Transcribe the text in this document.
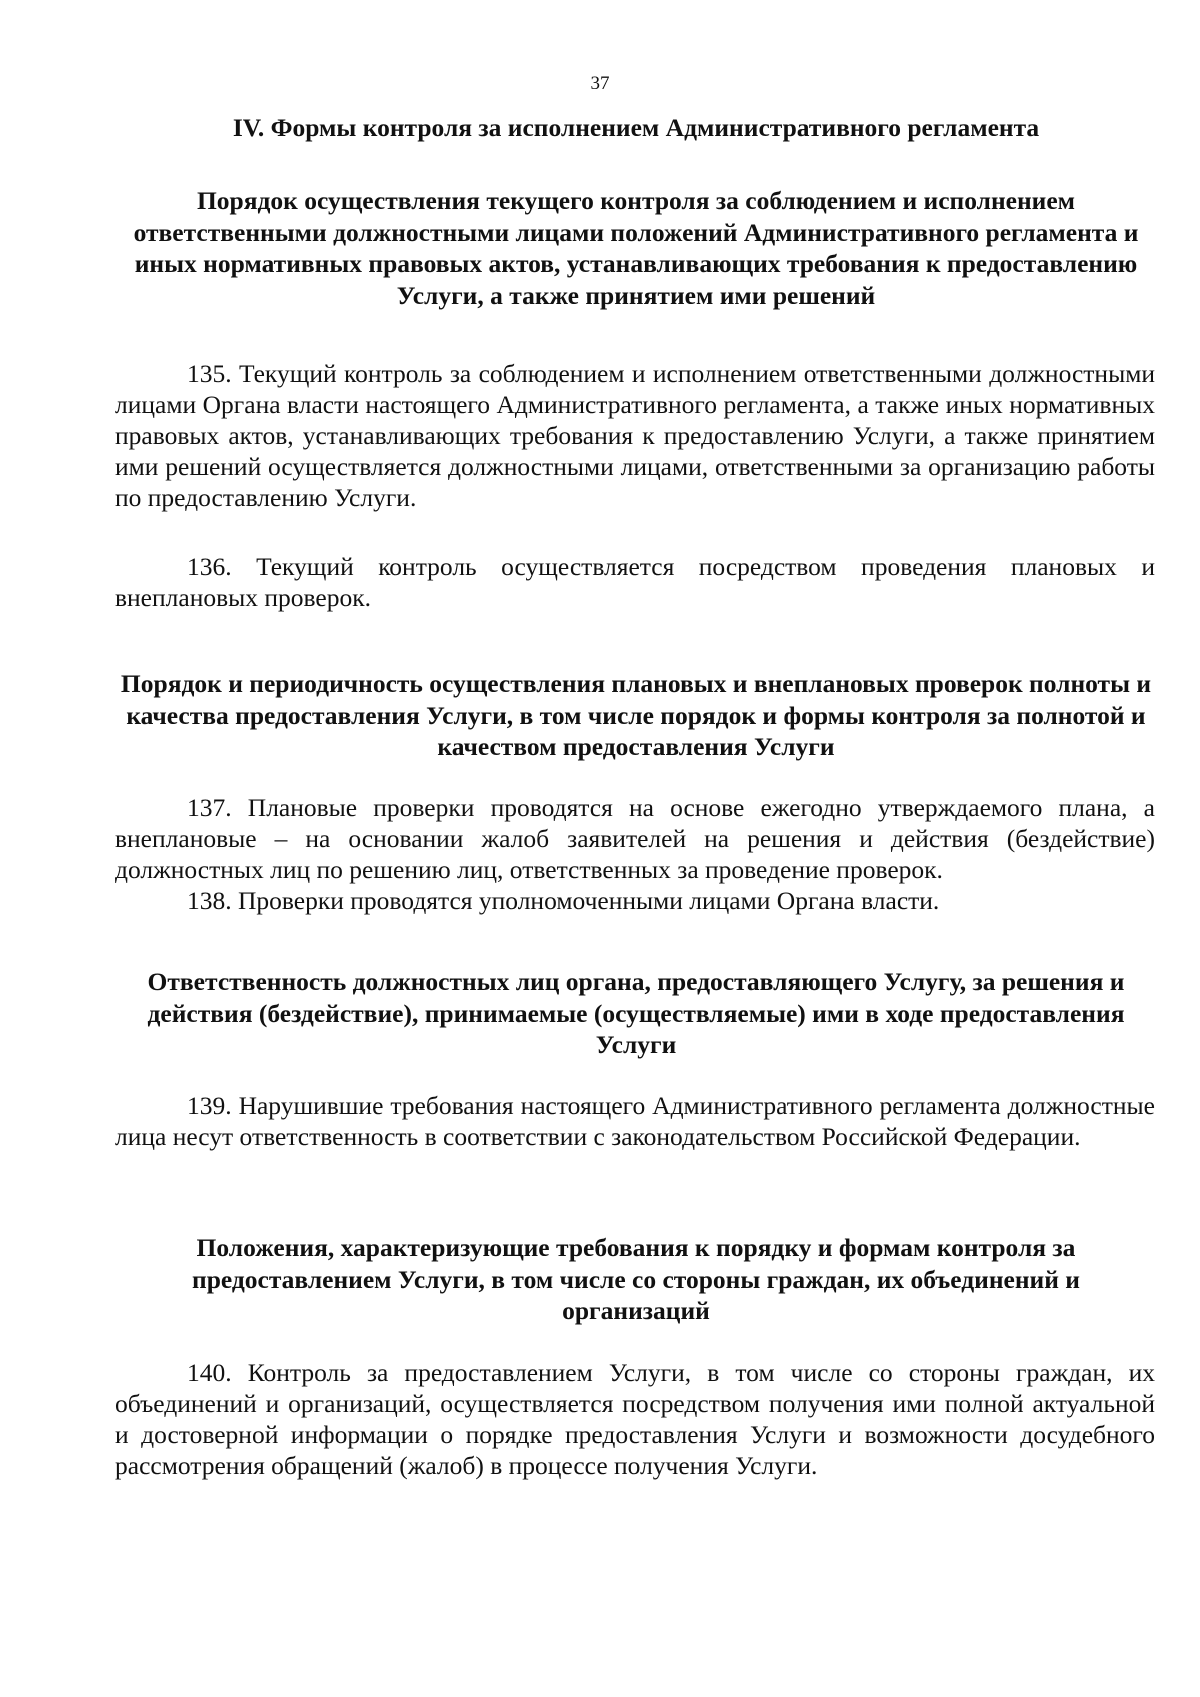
37
IV. Формы контроля за исполнением Административного регламента
Порядок осуществления текущего контроля за соблюдением и исполнением ответственными должностными лицами положений Административного регламента и иных нормативных правовых актов, устанавливающих требования к предоставлению Услуги, а также принятием ими решений

135. Текущий контроль за соблюдением и исполнением ответственными должностными лицами Органа власти настоящего Административного регламента, а также иных нормативных правовых актов, устанавливающих требования к предоставлению Услуги, а также принятием ими решений осуществляется должностными лицами, ответственными за организацию работы по предоставлению Услуги.

136. Текущий контроль осуществляется посредством проведения плановых и внеплановых проверок.

Порядок и периодичность осуществления плановых и внеплановых проверок полноты и качества предоставления Услуги, в том числе порядок и формы контроля за полнотой и качеством предоставления Услуги

137. Плановые проверки проводятся на основе ежегодно утверждаемого плана, а внеплановые – на основании жалоб заявителей на решения и действия (бездействие) должностных лиц по решению лиц, ответственных за проведение проверок.

138. Проверки проводятся уполномоченными лицами Органа власти.

Ответственность должностных лиц органа, предоставляющего Услугу, за решения и действия (бездействие), принимаемые (осуществляемые) ими в ходе предоставления Услуги

139. Нарушившие требования настоящего Административного регламента должностные лица несут ответственность в соответствии с законодательством Российской Федерации.

Положения, характеризующие требования к порядку и формам контроля за предоставлением Услуги, в том числе со стороны граждан, их объединений и организаций

140. Контроль за предоставлением Услуги, в том числе со стороны граждан, их объединений и организаций, осуществляется посредством получения ими полной актуальной и достоверной информации о порядке предоставления Услуги и возможности досудебного рассмотрения обращений (жалоб) в процессе получения Услуги.
